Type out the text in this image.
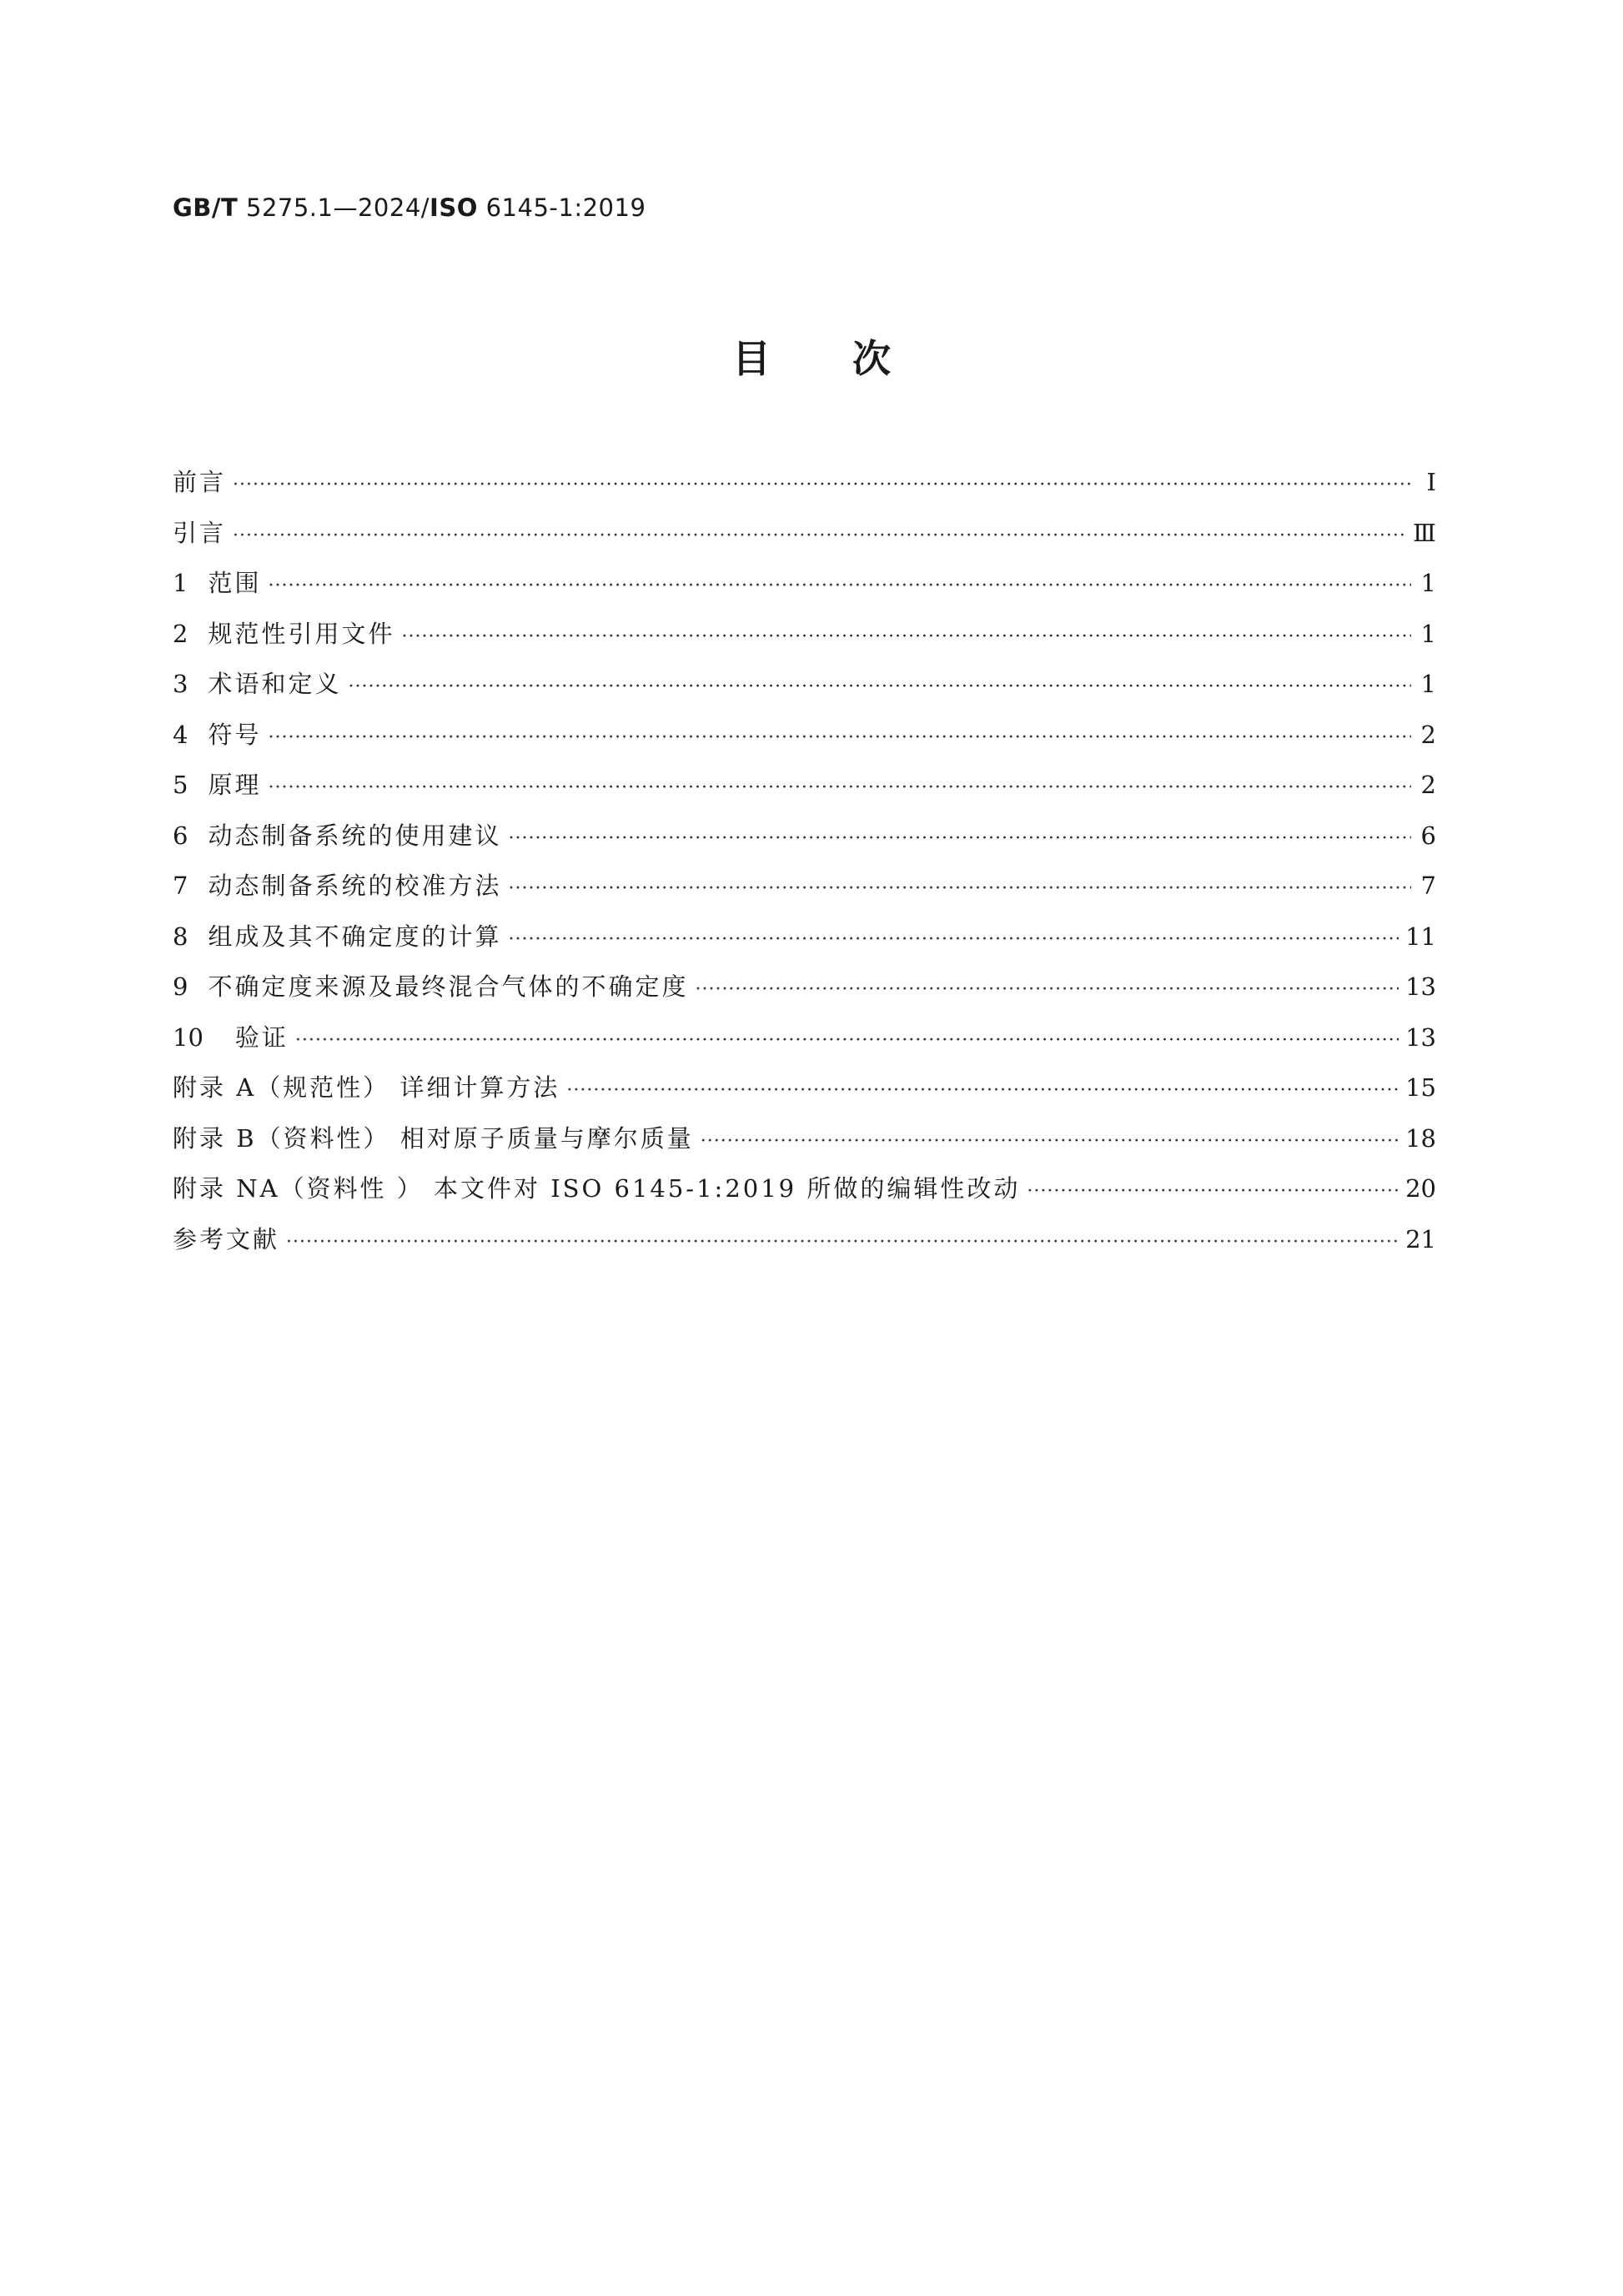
GB/T 5275.1—2024/ISO 6145-1:2019
目次
前言 ·····	Ⅰ
引言 ·····	Ⅲ
1 范围 ·····	1
2 规范性引用文件 ·····	1
3 术语和定义 ·····	1
4 符号 ·····	2
5 原理 ·····	2
6 动态制备系统的使用建议 ·····	6
7 动态制备系统的校准方法 ·····	7
8 组成及其不确定度的计算 ·····	11
9 不确定度来源及最终混合气体的不确定度 ·····	13
10 验证 ·····	13
附录 A（规范性） 详细计算方法 ·····	15
附录 B（资料性） 相对原子质量与摩尔质量 ·····	18
附录 NA（资料性 ） 本文件对 ISO 6145-1:2019 所做的编辑性改动 ·····	20
参考文献 ·····	21
